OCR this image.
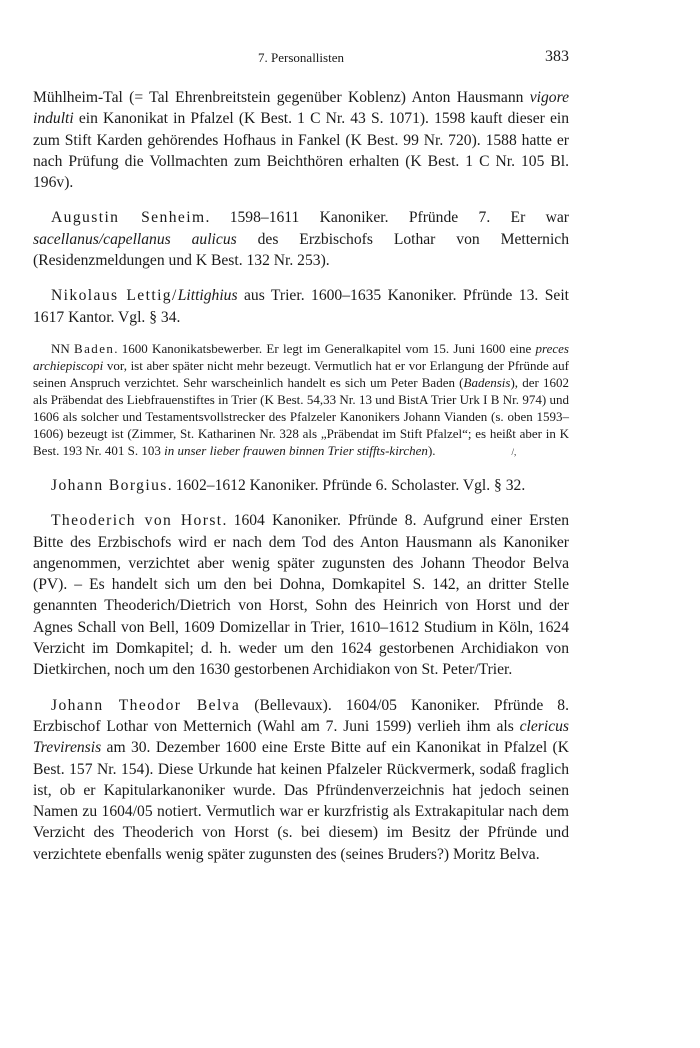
7. Personallisten	383

Mühlheim-Tal (= Tal Ehrenbreitstein gegenüber Koblenz) Anton Hausmann vigore indulti ein Kanonikat in Pfalzel (K Best. 1 C Nr. 43 S. 1071). 1598 kauft dieser ein zum Stift Karden gehörendes Hofhaus in Fankel (K Best. 99 Nr. 720). 1588 hatte er nach Prüfung die Vollmachten zum Beichthören erhalten (K Best. 1 C Nr. 105 Bl. 196v).

Augustin Senheim. 1598–1611 Kanoniker. Pfründe 7. Er war sacellanus/capellanus aulicus des Erzbischofs Lothar von Metternich (Residenzmeldungen und K Best. 132 Nr. 253).

Nikolaus Lettig/Littighius aus Trier. 1600–1635 Kanoniker. Pfründe 13. Seit 1617 Kantor. Vgl. § 34.

NN Baden. 1600 Kanonikatsbewerber. Er legt im Generalkapitel vom 15. Juni 1600 eine preces archiepiscopi vor, ist aber später nicht mehr bezeugt. Vermutlich hat er vor Erlangung der Pfründe auf seinen Anspruch verzichtet. Sehr warscheinlich handelt es sich um Peter Baden (Badensis), der 1602 als Präbendat des Liebfrauenstiftes in Trier (K Best. 54,33 Nr. 13 und BistA Trier Urk I B Nr. 974) und 1606 als solcher und Testamentsvollstrecker des Pfalzeler Kanonikers Johann Vianden (s. oben 1593–1606) bezeugt ist (Zimmer, St. Katharinen Nr. 328 als „Präbendat im Stift Pfalzel“; es heißt aber in K Best. 193 Nr. 401 S. 103 in unser lieber frauwen binnen Trier stiffts-kirchen).	/,

Johann Borgius. 1602–1612 Kanoniker. Pfründe 6. Scholaster. Vgl. § 32.

Theoderich von Horst. 1604 Kanoniker. Pfründe 8. Aufgrund einer Ersten Bitte des Erzbischofs wird er nach dem Tod des Anton Hausmann als Kanoniker angenommen, verzichtet aber wenig später zugunsten des Johann Theodor Belva (PV). – Es handelt sich um den bei Dohna, Domkapitel S. 142, an dritter Stelle genannten Theoderich/Dietrich von Horst, Sohn des Heinrich von Horst und der Agnes Schall von Bell, 1609 Domizellar in Trier, 1610–1612 Studium in Köln, 1624 Verzicht im Domkapitel; d. h. weder um den 1624 gestorbenen Archidiakon von Dietkirchen, noch um den 1630 gestorbenen Archidiakon von St. Peter/Trier.

Johann Theodor Belva (Bellevaux). 1604/05 Kanoniker. Pfründe 8. Erzbischof Lothar von Metternich (Wahl am 7. Juni 1599) verlieh ihm als clericus Trevirensis am 30. Dezember 1600 eine Erste Bitte auf ein Kanonikat in Pfalzel (K Best. 157 Nr. 154). Diese Urkunde hat keinen Pfalzeler Rückvermerk, sodaß fraglich ist, ob er Kapitularkanoniker wurde. Das Pfründenverzeichnis hat jedoch seinen Namen zu 1604/05 notiert. Vermutlich war er kurzfristig als Extrakapitular nach dem Verzicht des Theoderich von Horst (s. bei diesem) im Besitz der Pfründe und verzichtete ebenfalls wenig später zugunsten des (seines Bruders?) Moritz Belva.
